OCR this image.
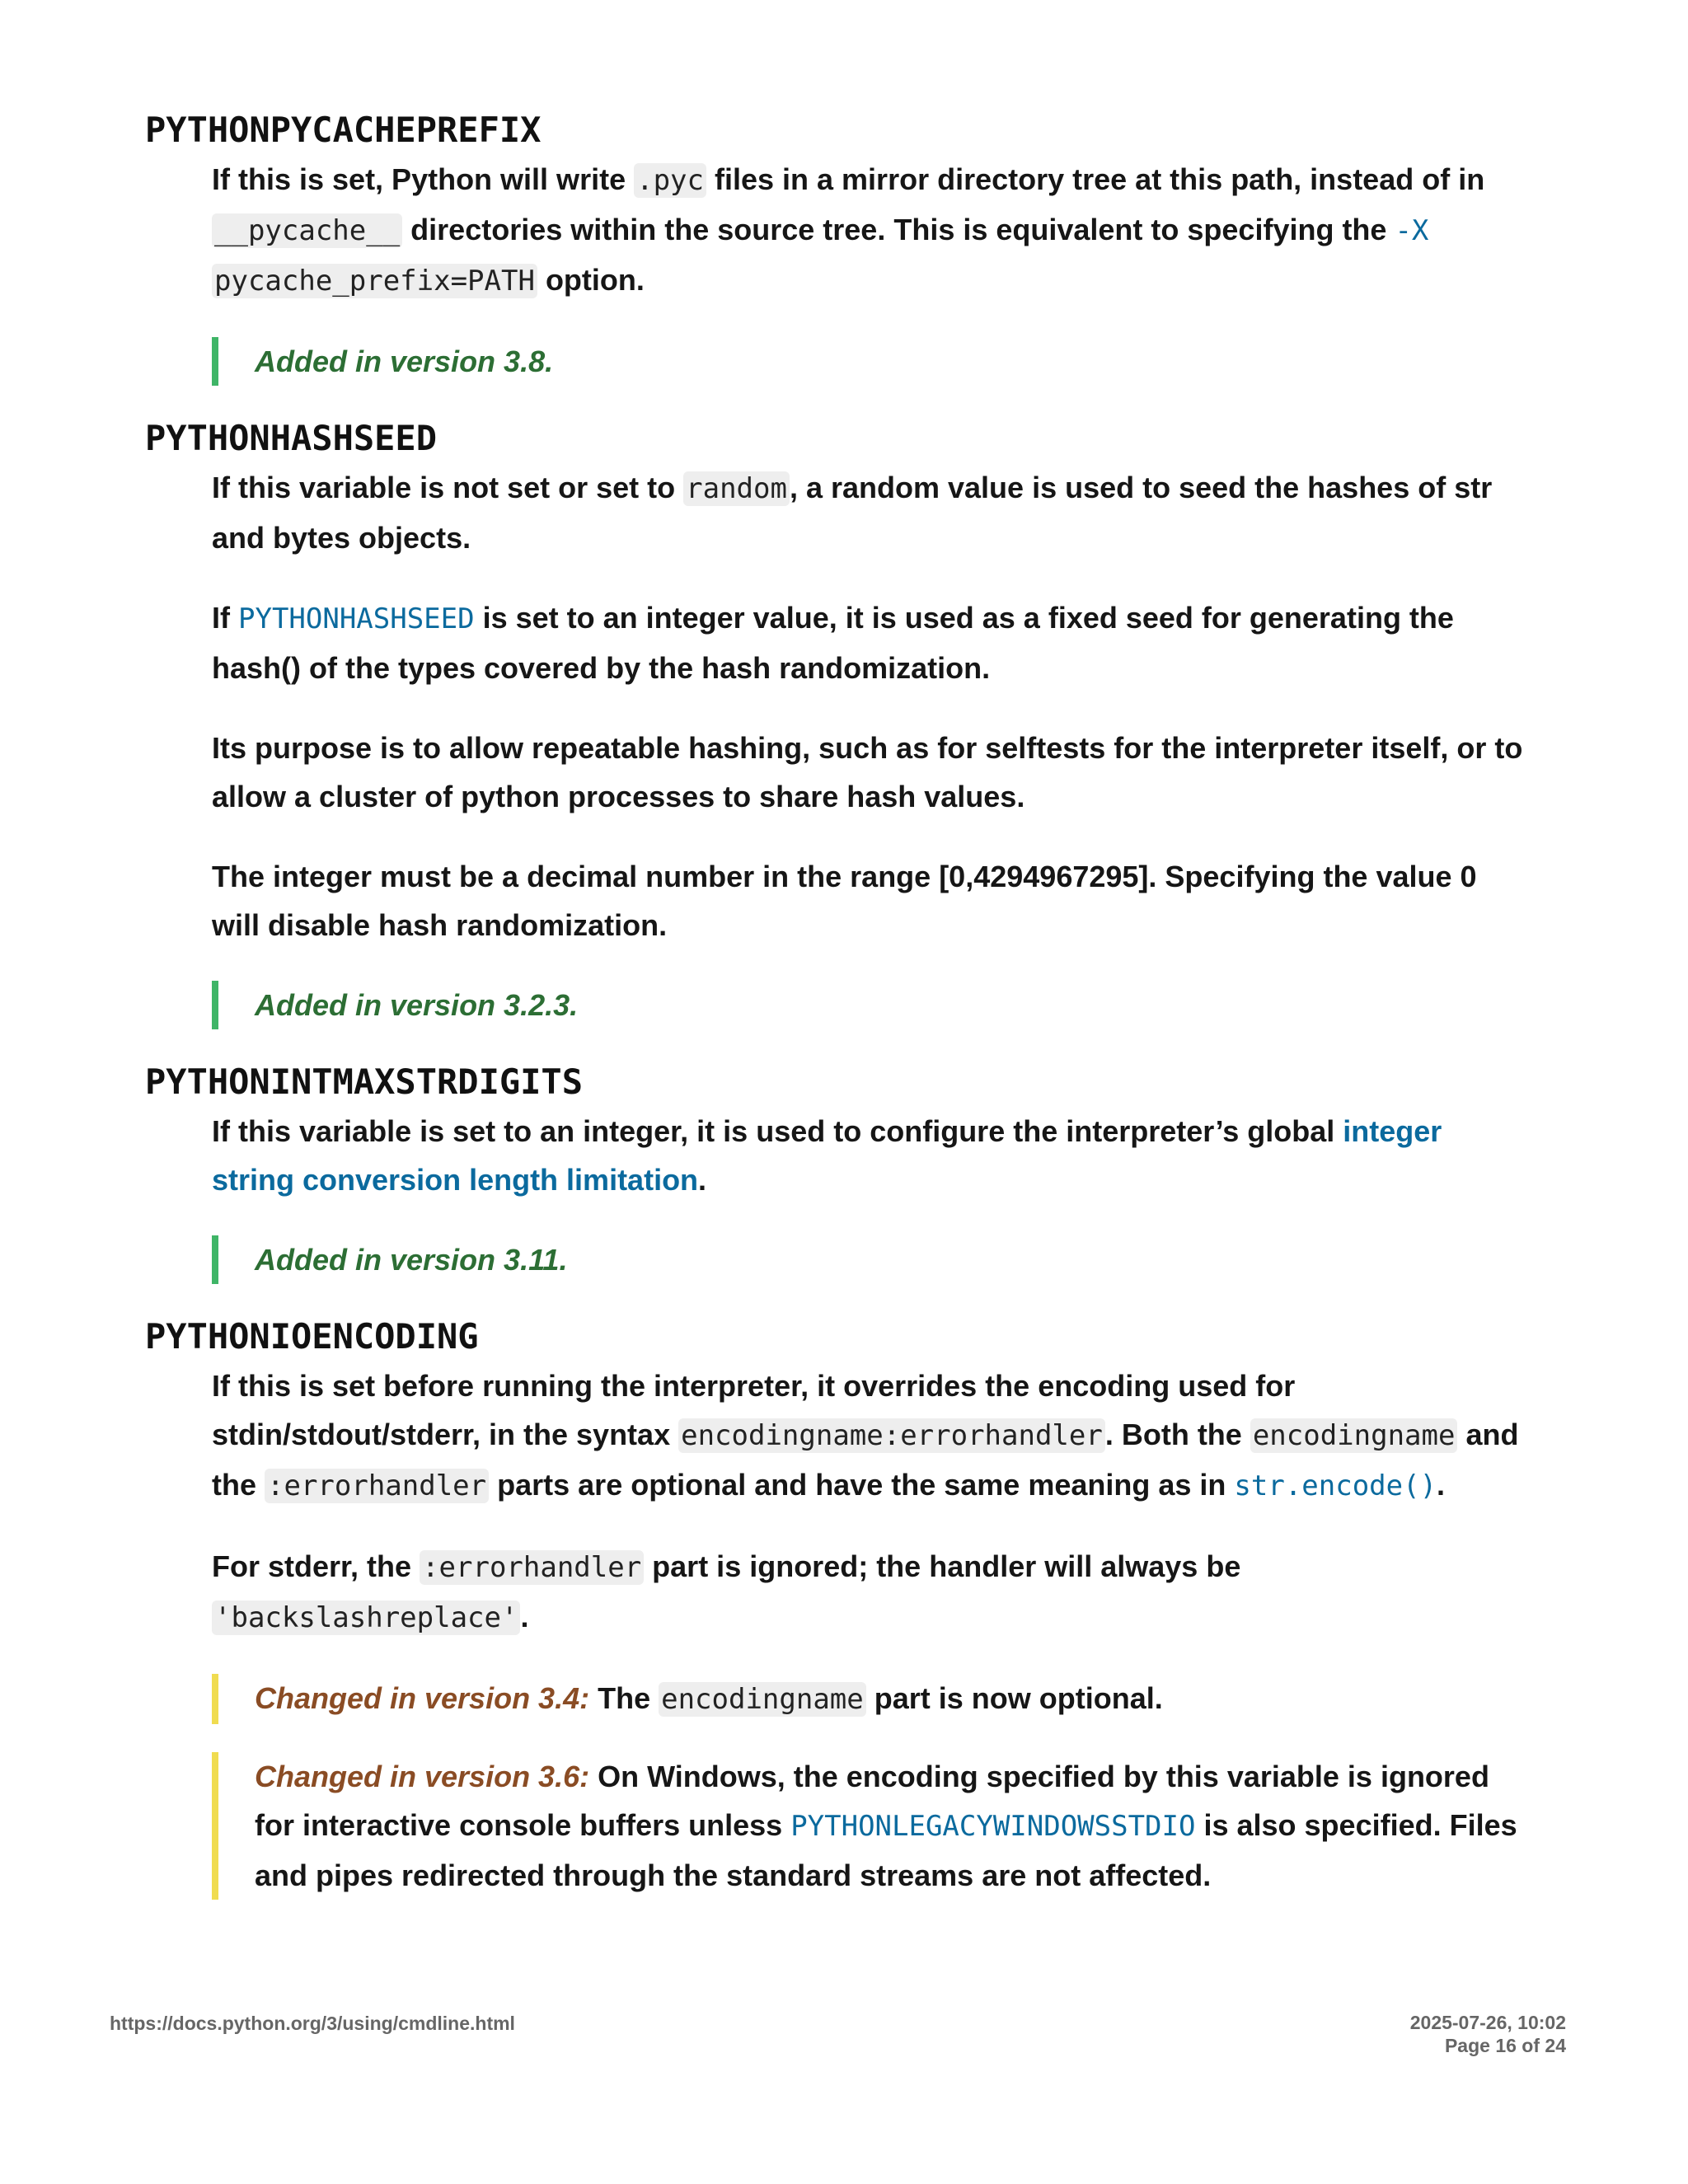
PYTHONPYCACHEPREFIX

If this is set, Python will write .pyc files in a mirror directory tree at this path, instead of in __pycache__ directories within the source tree. This is equivalent to specifying the -X pycache_prefix=PATH option.

Added in version 3.8.
PYTHONHASHSEED

If this variable is not set or set to random, a random value is used to seed the hashes of str and bytes objects.

If PYTHONHASHSEED is set to an integer value, it is used as a fixed seed for generating the hash() of the types covered by the hash randomization.

Its purpose is to allow repeatable hashing, such as for selftests for the interpreter itself, or to allow a cluster of python processes to share hash values.

The integer must be a decimal number in the range [0,4294967295]. Specifying the value 0 will disable hash randomization.

Added in version 3.2.3.
PYTHONINTMAXSTRDIGITS

If this variable is set to an integer, it is used to configure the interpreter’s global integer string conversion length limitation.

Added in version 3.11.
PYTHONIOENCODING

If this is set before running the interpreter, it overrides the encoding used for stdin/stdout/stderr, in the syntax encodingname:errorhandler. Both the encodingname and the :errorhandler parts are optional and have the same meaning as in str.encode().

For stderr, the :errorhandler part is ignored; the handler will always be 'backslashreplace'.

Changed in version 3.4: The encodingname part is now optional.
Changed in version 3.6: On Windows, the encoding specified by this variable is ignored for interactive console buffers unless PYTHONLEGACYWINDOWSSTDIO is also specified. Files and pipes redirected through the standard streams are not affected.
https://docs.python.org/3/using/cmdline.html	2025-07-26, 10:02
Page 16 of 24
